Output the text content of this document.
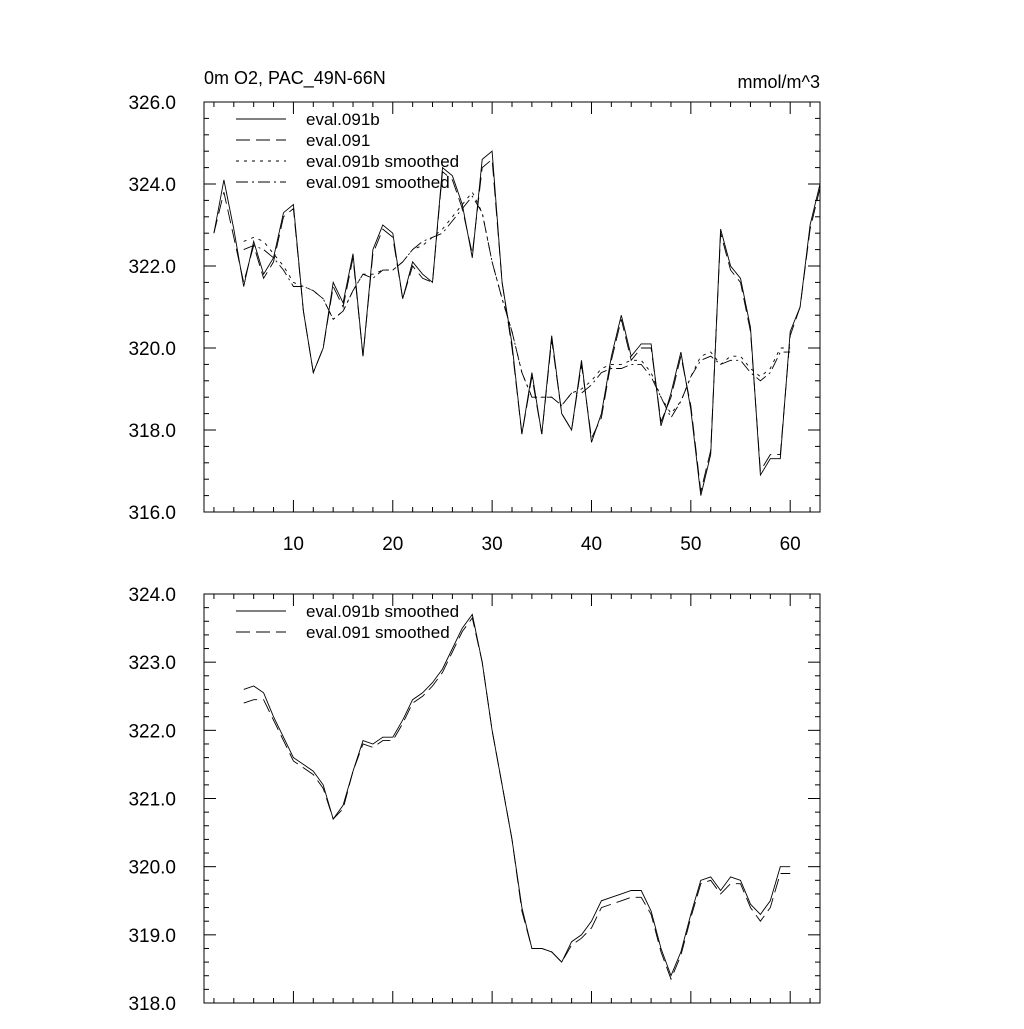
10	20	30	40	50	60
316.0
318.0
320.0
322.0
324.0
326.0
0m O2, PAC_49N-66N	mmol/m^3
eval.091b
eval.091
eval.091b smoothed
eval.091 smoothed
318.0
319.0
320.0
321.0
322.0
323.0
324.0
eval.091b smoothed
eval.091 smoothed
